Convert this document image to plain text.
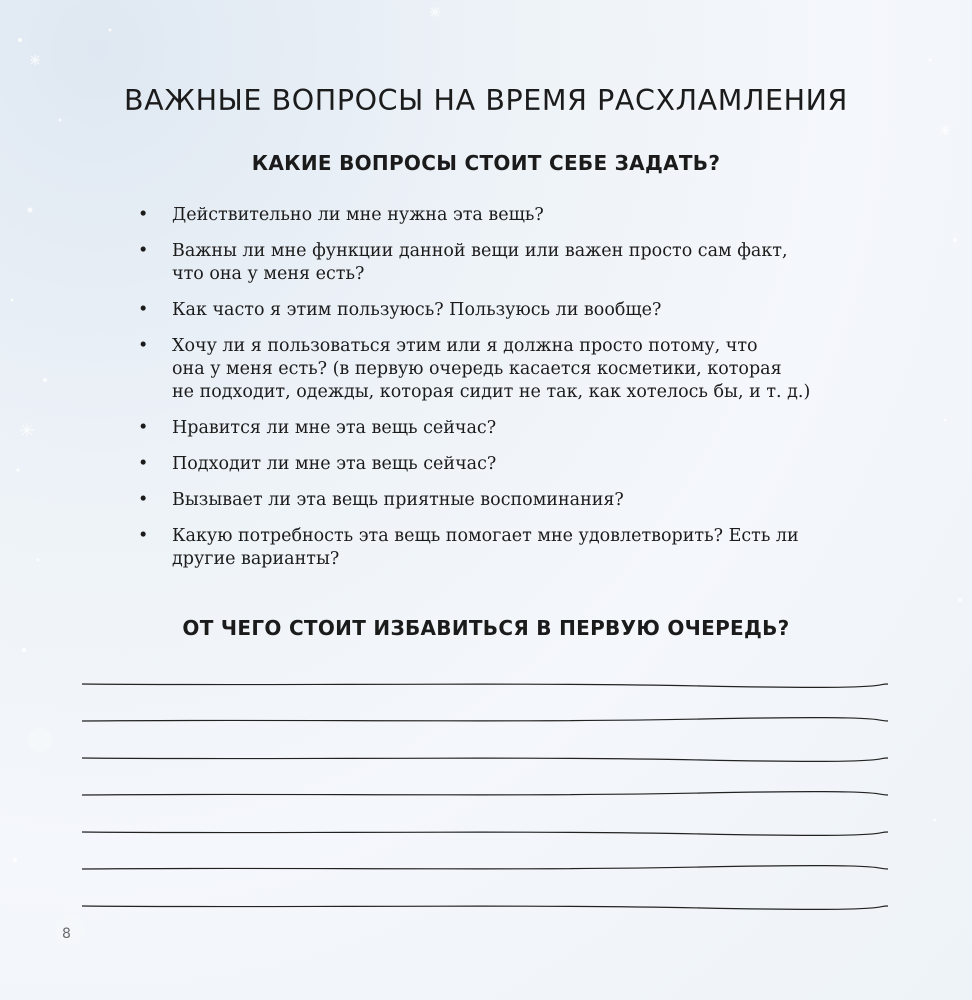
ВАЖНЫЕ ВОПРОСЫ НА ВРЕМЯ РАСХЛАМЛЕНИЯ
КАКИЕ ВОПРОСЫ СТОИТ СЕБЕ ЗАДАТЬ?
• Действительно ли мне нужна эта вещь?
• Важны ли мне функции данной вещи или важен просто сам факт,
что она у меня есть?
• Как часто я этим пользуюсь? Пользуюсь ли вообще?
• Хочу ли я пользоваться этим или я должна просто потому, что
она у меня есть? (в первую очередь касается косметики, которая
не подходит, одежды, которая сидит не так, как хотелось бы, и т. д.)
• Нравится ли мне эта вещь сейчас?
• Подходит ли мне эта вещь сейчас?
• Вызывает ли эта вещь приятные воспоминания?
• Какую потребность эта вещь помогает мне удовлетворить? Есть ли
другие варианты?
ОТ ЧЕГО СТОИТ ИЗБАВИТЬСЯ В ПЕРВУЮ ОЧЕРЕДЬ?
8
